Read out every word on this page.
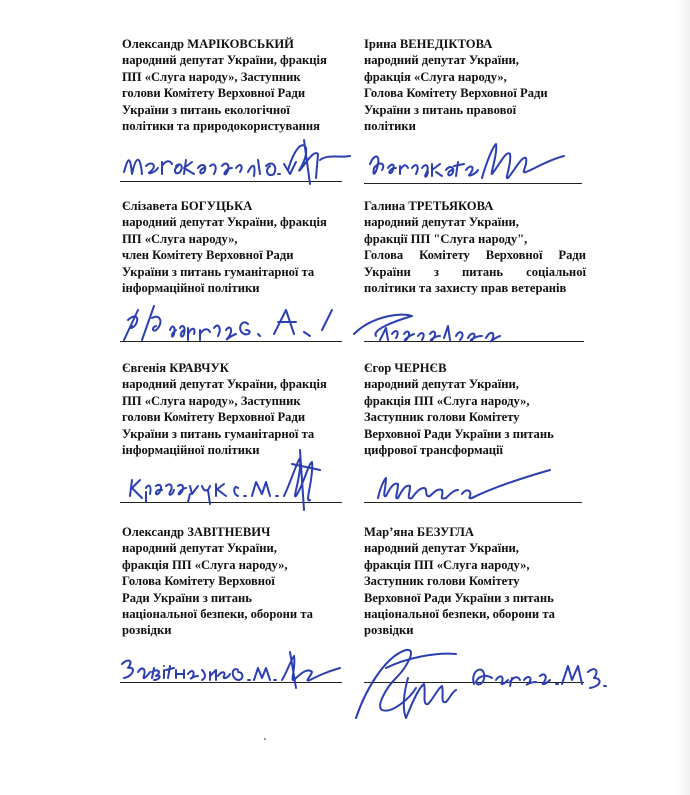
Олександр МАРІКОВСЬКИЙ
народний депутат України, фракція
ПП «Слуга народу», Заступник
голови Комітету Верховної Ради
України з питань екологічної
політики та природокористування
Ірина ВЕНЕДІКТОВА
народний депутат України,
фракція «Слуга народу»,
Голова Комітету Верховної Ради
України з питань правової
політики
Єлізавета БОГУЦЬКА
народний депутат України, фракція
ПП «Слуга народу»,
член Комітету Верховної Ради
України з питань гуманітарної та
інформаційної політики
Галина ТРЕТЬЯКОВА
народний депутат України,
фракції ПП "Слуга народу",
Голова Комітету Верховної Ради
України з питань соціальної
політики та захисту прав ветеранів
Євгенія КРАВЧУК
народний депутат України, фракція
ПП «Слуга народу», Заступник
голови Комітету Верховної Ради
України з питань гуманітарної та
інформаційної політики
Єгор ЧЕРНЄВ
народний депутат України,
фракція ПП «Слуга народу»,
Заступник голови Комітету
Верховної Ради України з питань
цифрової трансформації
Олександр ЗАВІТНЕВИЧ
народний депутат України,
фракція ПП «Слуга народу»,
Голова Комітету Верховної
Ради України з питань
національної безпеки, оборони та
розвідки
Мар’яна БЕЗУГЛА
народний депутат України,
фракція ПП «Слуга народу»,
Заступник голови Комітету
Верховної Ради України з питань
національної безпеки, оборони та
розвідки
